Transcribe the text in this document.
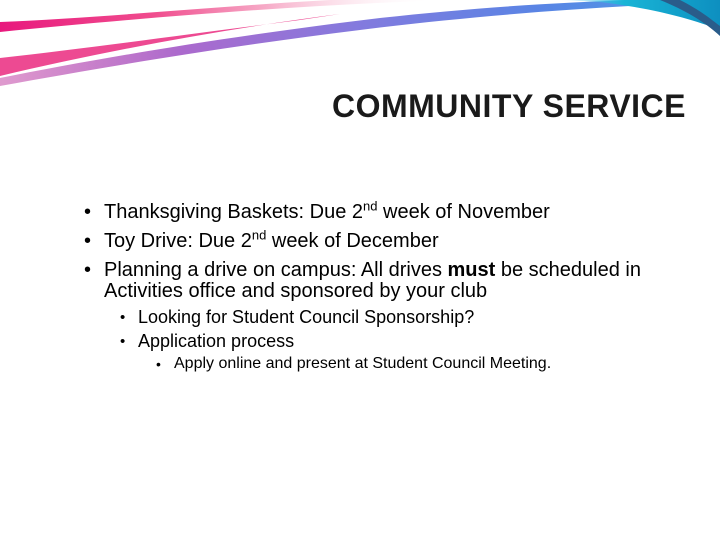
COMMUNITY SERVICE
• Thanksgiving Baskets: Due 2nd week of November
• Toy Drive: Due 2nd week of December
• Planning a drive on campus: All drives must be scheduled in Activities office and sponsored by your club
• Looking for Student Council Sponsorship?
• Application process
• Apply online and present at Student Council Meeting.
